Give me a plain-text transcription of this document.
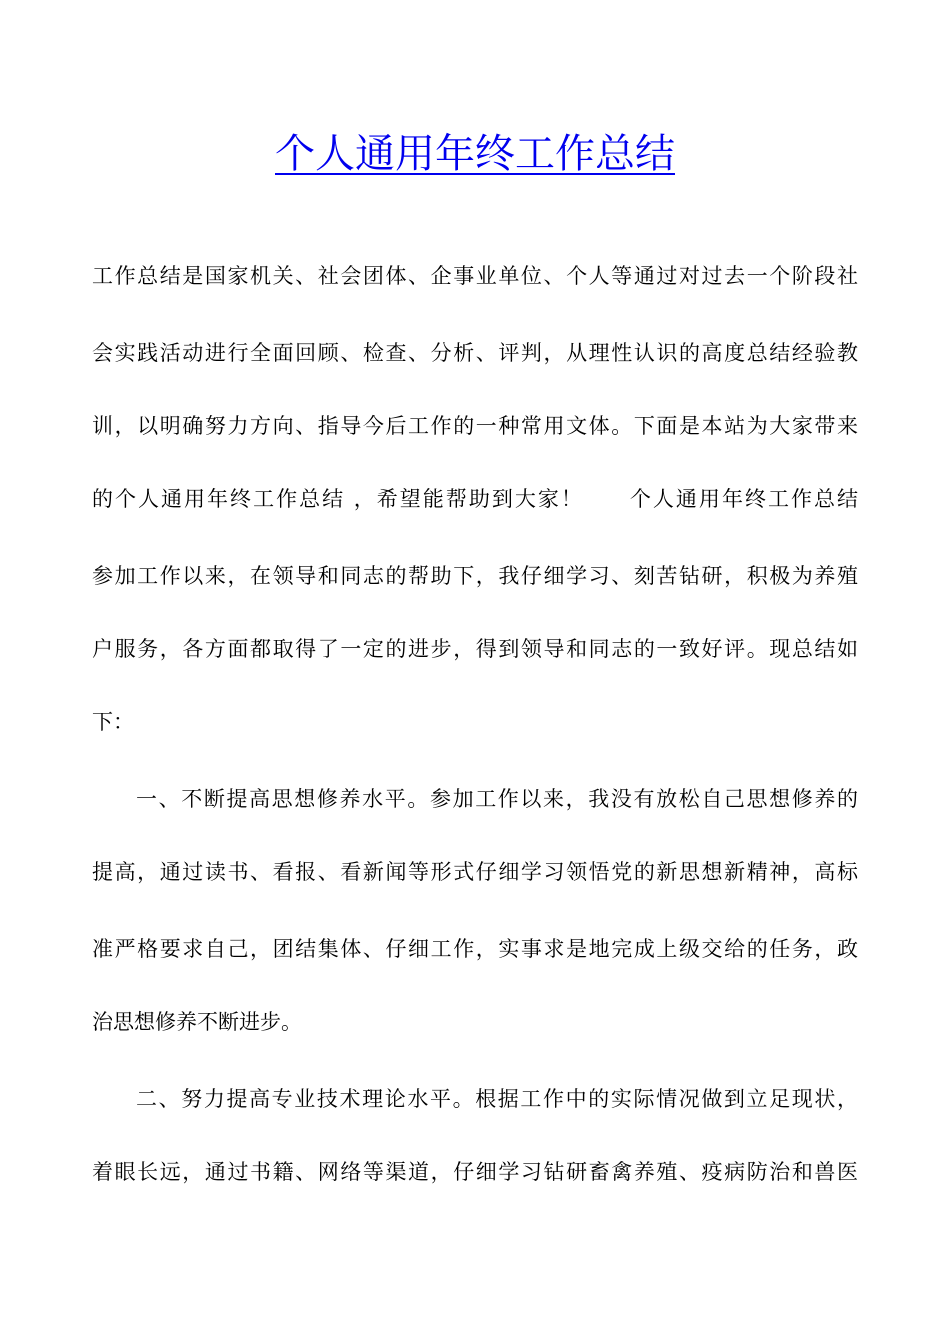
个人通用年终工作总结
工作总结是国家机关、社会团体、企事业单位、个人等通过对过去一个阶段社
会实践活动进行全面回顾、检查、分析、评判，从理性认识的高度总结经验教
训，以明确努力方向、指导今后工作的一种常用文体。下面是本站为大家带来
的个人通用年终工作总结 ，希望能帮助到大家！　　个人通用年终工作总结
参加工作以来，在领导和同志的帮助下，我仔细学习、刻苦钻研，积极为养殖
户服务，各方面都取得了一定的进步，得到领导和同志的一致好评。现总结如
下：
一、不断提高思想修养水平。参加工作以来，我没有放松自己思想修养的
提高，通过读书、看报、看新闻等形式仔细学习领悟党的新思想新精神，高标
准严格要求自己，团结集体、仔细工作，实事求是地完成上级交给的任务，政
治思想修养不断进步。
二、努力提高专业技术理论水平。根据工作中的实际情况做到立足现状，
着眼长远，通过书籍、网络等渠道，仔细学习钻研畜禽养殖、疫病防治和兽医
